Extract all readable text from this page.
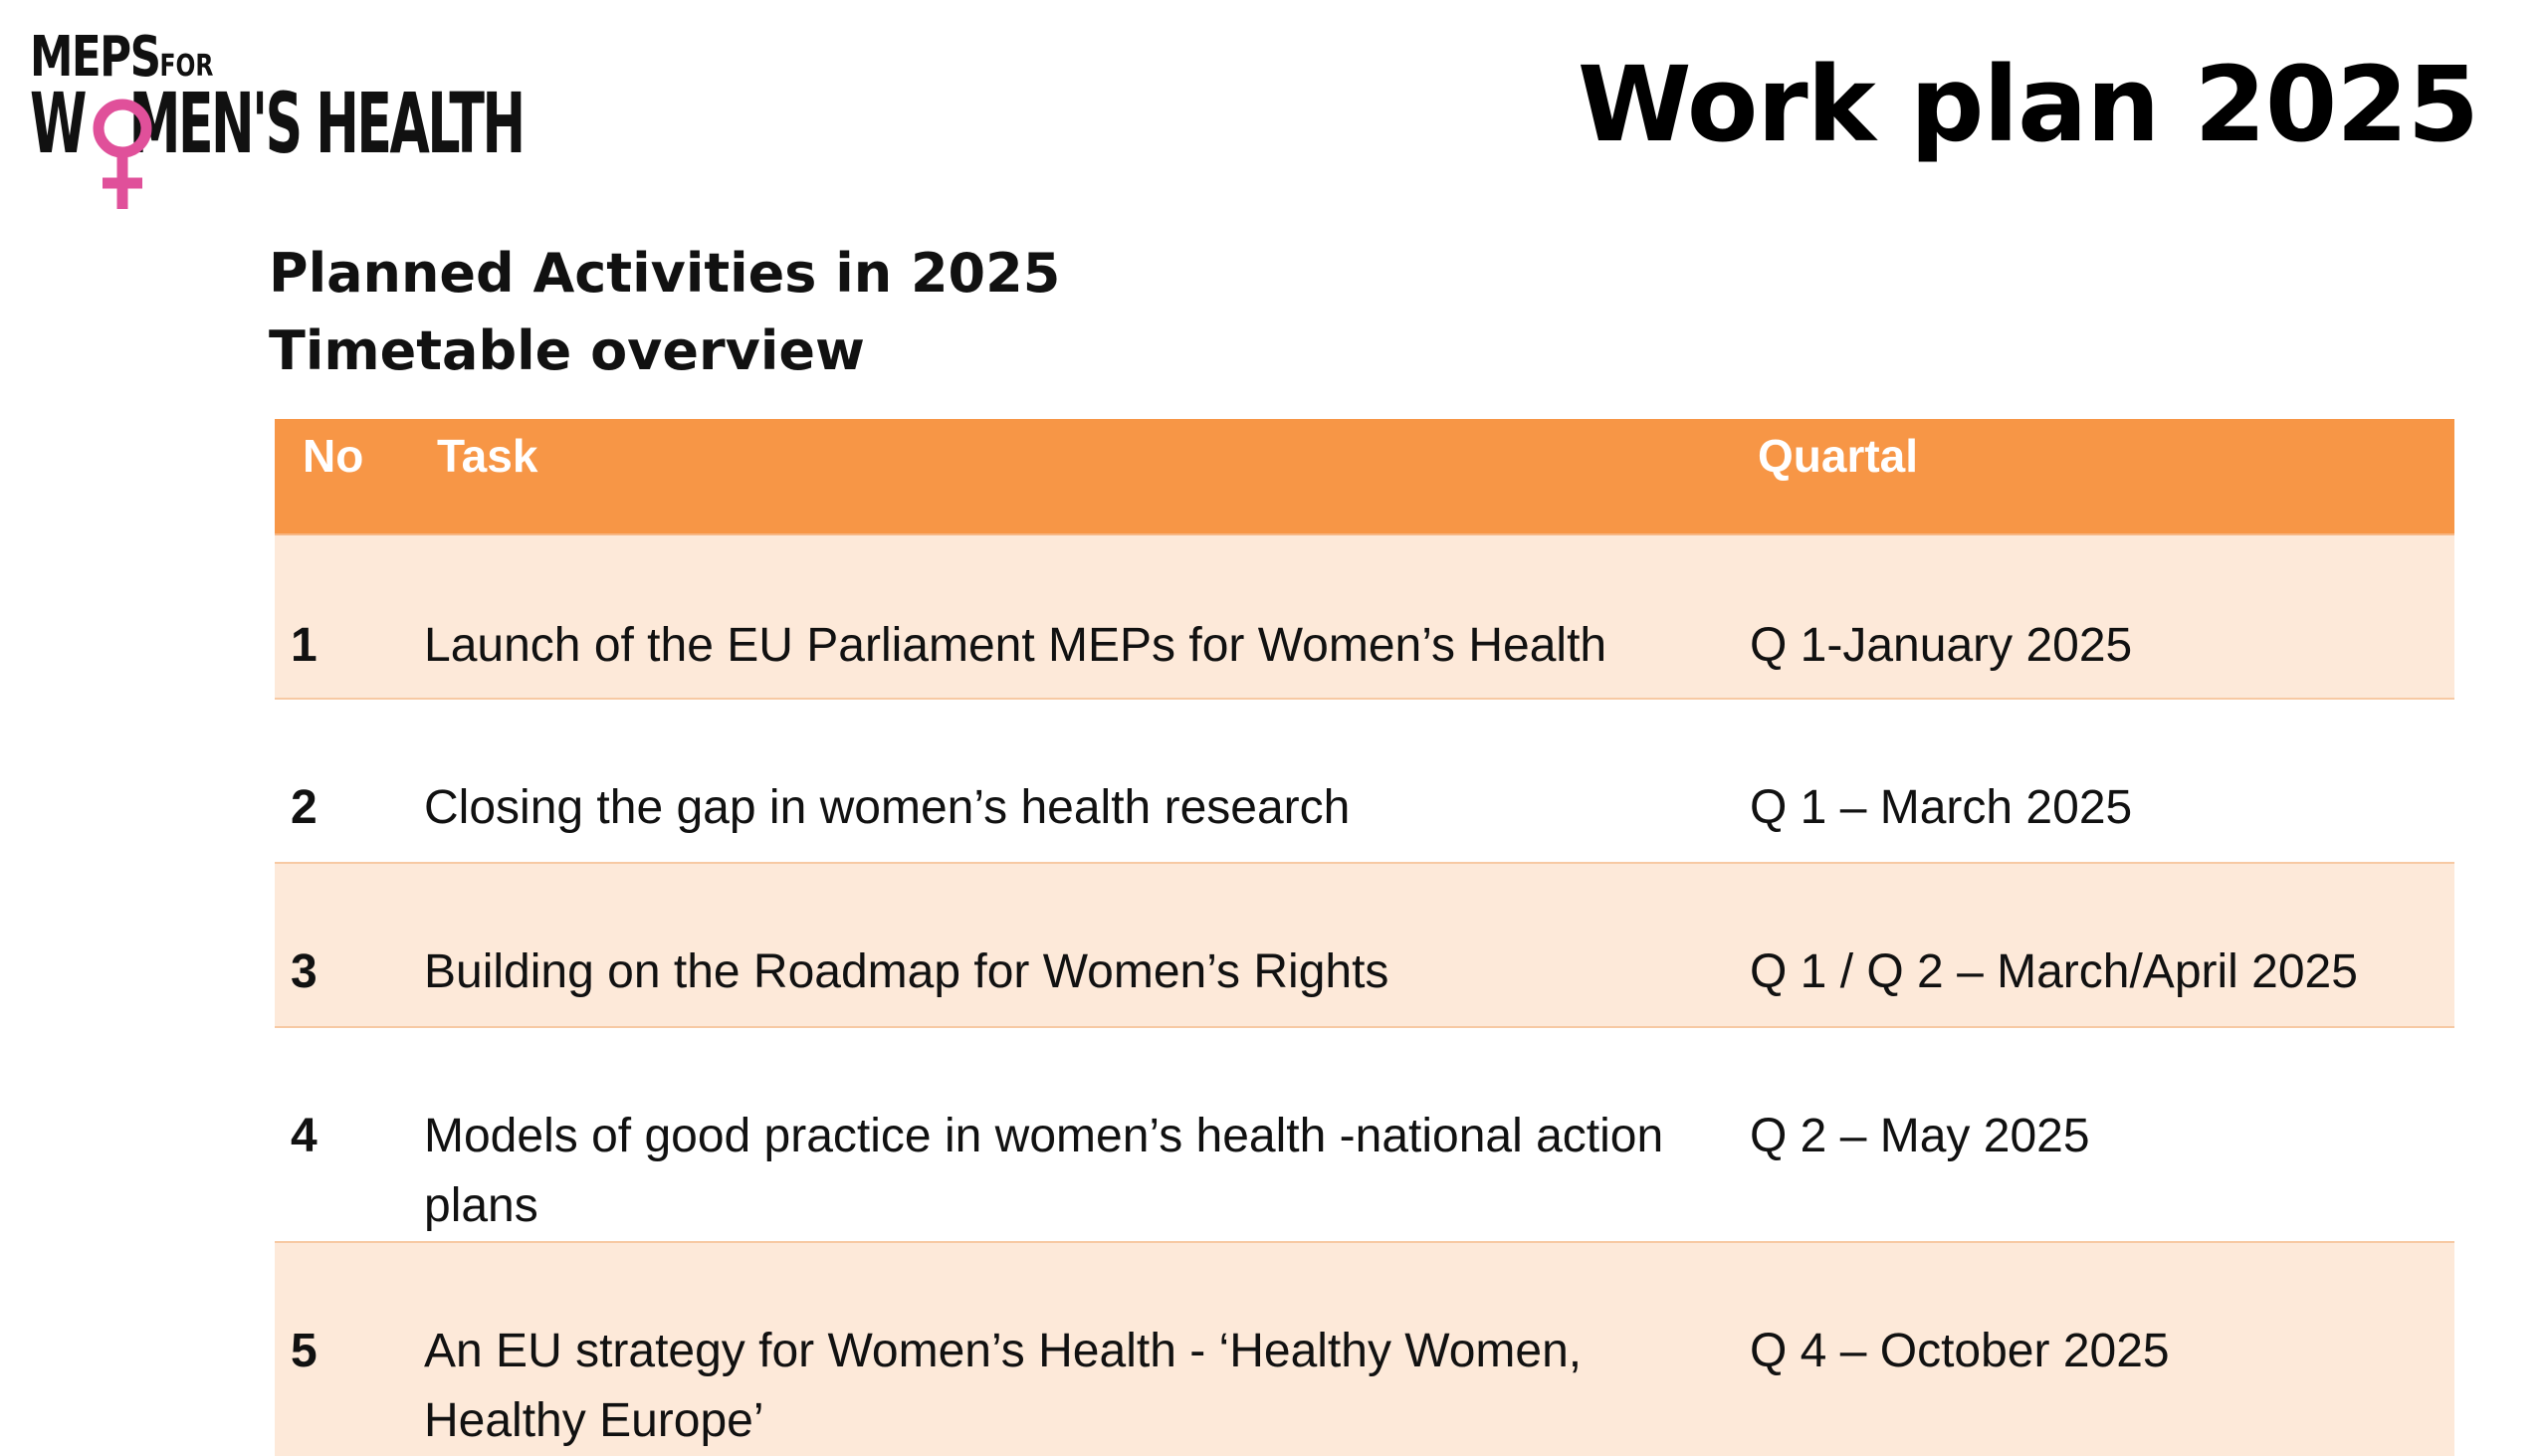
MEPSFOR
W MEN'S HEALTH	Work plan 2025
Planned Activities in 2025
Timetable overview
No	Task	Quartal
1	Launch of the EU Parliament MEPs for Women’s Health	Q 1-January 2025
2	Closing the gap in women’s health research	Q 1 – March 2025
3	Building on the Roadmap for Women’s Rights	Q 1 / Q 2 – March/April 2025
4	Models of good practice in women’s health -national action plans	Q 2 – May 2025
5	An EU strategy for Women’s Health - ‘Healthy Women, Healthy Europe’	Q 4 – October 2025
